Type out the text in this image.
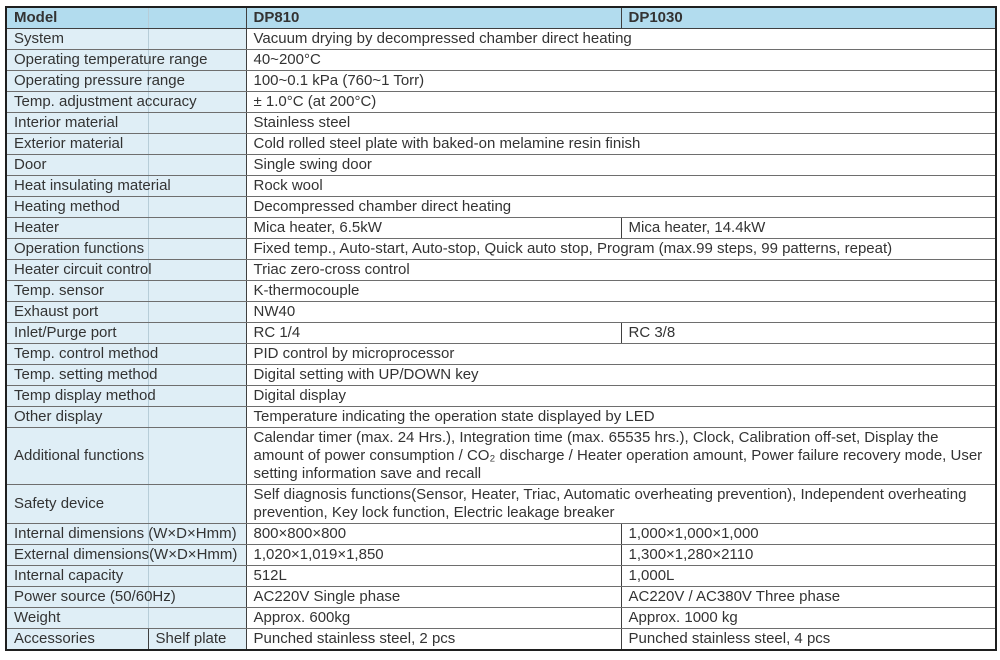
Model		DP810	DP1030
System		Vacuum drying by decompressed chamber direct heating	
Operating temperature range		40~200°C	
Operating pressure range		100~0.1 kPa (760~1 Torr)	
Temp. adjustment accuracy		± 1.0°C (at 200°C)	
Interior material		Stainless steel	
Exterior material		Cold rolled steel plate with baked-on melamine resin finish	
Door		Single swing door	
Heat insulating material		Rock wool	
Heating method		Decompressed chamber direct heating	
Heater		Mica heater, 6.5kW	Mica heater, 14.4kW
Operation functions		Fixed temp., Auto-start, Auto-stop, Quick auto stop, Program (max.99 steps, 99 patterns, repeat)	
Heater circuit control		Triac zero-cross control	
Temp. sensor		K-thermocouple	
Exhaust port		NW40	
Inlet/Purge port		RC 1/4	RC 3/8
Temp. control method		PID control by microprocessor	
Temp. setting method		Digital setting with UP/DOWN key	
Temp display method		Digital display	
Other display		Temperature indicating the operation state displayed by LED	
Additional functions		Calendar timer (max. 24 Hrs.), Integration time (max. 65535 hrs.), Clock, Calibration off-set, Display the amount of power consumption / CO₂ discharge / Heater operation amount, Power failure recovery mode, User setting information save and recall	
Safety device		Self diagnosis functions(Sensor, Heater, Triac, Automatic overheating prevention), Independent overheating prevention, Key lock function, Electric leakage breaker	
Internal dimensions (W×D×Hmm)		800×800×800	1,000×1,000×1,000
External dimensions(W×D×Hmm)		1,020×1,019×1,850	1,300×1,280×2110
Internal capacity		512L	1,000L
Power source (50/60Hz)		AC220V Single phase	AC220V / AC380V Three phase
Weight		Approx. 600kg	Approx. 1000 kg
Accessories	Shelf plate	Punched stainless steel, 2 pcs	Punched stainless steel, 4 pcs
